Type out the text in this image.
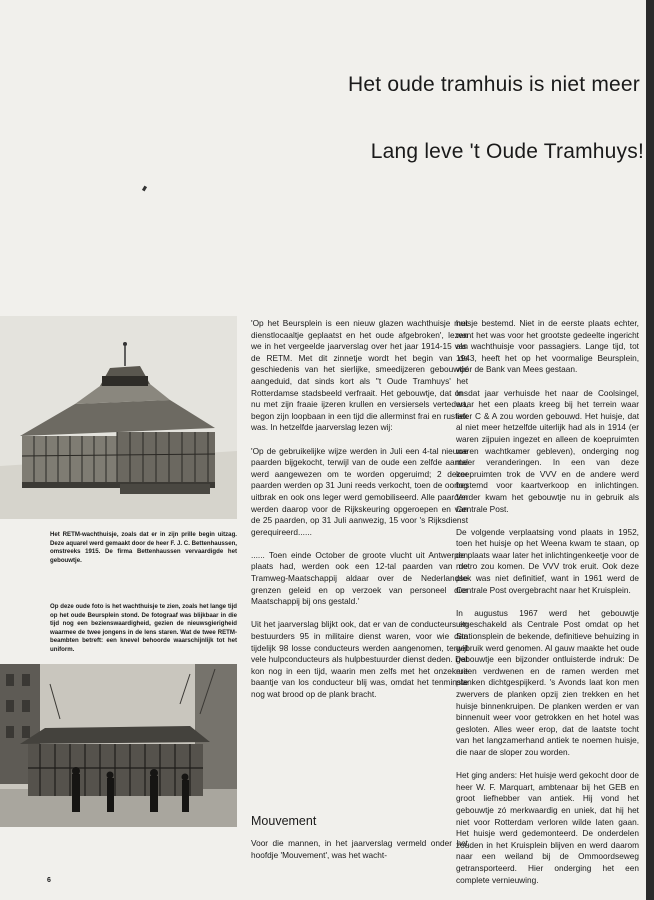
Het oude tramhuis is niet meer
Lang leve 't Oude Tramhuys!
Het RETM-wachthuisje, zoals dat er in zijn prille begin uitzag. Deze aquarel werd gemaakt door de heer F. J. C. Bettenhaussen, omstreeks 1915. De firma Bettenhaussen vervaardigde het gebouwtje.
Op deze oude foto is het wachthuisje te zien, zoals het lange tijd op het oude Beursplein stond. De fotograaf was blijkbaar in die tijd nog een bezienswaardigheid, gezien de nieuwsgierigheid waarmee de twee jongens in de lens staren. Wat de twee RETM-beambten betreft: een knevel behoorde waarschijnlijk tot het uniform.

'Op het Beursplein is een nieuw glazen wachthuisje met dienstlocaaltje geplaatst en het oude afgebroken', lezen we in het vergeelde jaarverslag over het jaar 1914-15 van de RETM. Met dit zinnetje wordt het begin van de geschiedenis van het sierlijke, smeedijzeren gebouwtje aangeduid, dat sinds kort als ''t Oude Tramhuys' het Rotterdamse stadsbeeld verfraait. Het gebouwtje, dat ons nu met zijn fraaie ijzeren krullen en versiersels vertedert, begon zijn loopbaan in een tijd die allerminst frai en rustiek was. In hetzelfde jaarverslag lezen wij:

'Op de gebruikelijke wijze werden in Juli een 4-tal nieuwe paarden bijgekocht, terwijl van de oude een zelfde aantal werd aangewezen om te worden opgeruimd; 2 dezer paarden werden op 31 Juni reeds verkocht, toen de oorlog uitbrak en ook ons leger werd gemobiliseerd. Alle paarden werden daarop voor de Rijkskeuring opgeroepen en van de 25 paarden, op 31 Juli aanwezig, 15 voor 's Rijksdienst gerequireerd......

...... Toen einde October de groote vlucht uit Antwerpen plaats had, werden ook een 12-tal paarden van de Tramweg-Maatschappij aldaar over de Nederlandse grenzen geleid en op verzoek van personeel dier Maatschappij bij ons gestald.'

Uit het jaarverslag blijkt ook, dat er van de conducteurs en bestuurders 95 in militaire dienst waren, voor wie dan tijdelijk 98 losse conducteurs werden aangenomen, terwijl vele hulpconducteurs als hulpbestuurder dienst deden. Dat kon nog in een tijd, waarin men zelfs met het onzekere baantje van los conducteur blij was, omdat het tenminste nog wat brood op de plank bracht.

Mouvement
Voor die mannen, in het jaarverslag vermeld onder het hoofdje 'Mouvement', was het wacht-

huisje bestemd. Niet in de eerste plaats echter, want het was voor het grootste gedeelte ingericht als wachthuisje voor passagiers. Lange tijd, tot 1943, heeft het op het voormalige Beursplein, vóór de Bank van Mees gestaan.

In dat jaar verhuisde het naar de Coolsingel, waar het een plaats kreeg bij het terrein waar later C & A zou worden gebouwd. Het huisje, dat al niet meer hetzelfde uiterlijk had als in 1914 (er waren zijpuien ingezet en alleen de koepruimten waren wachtkamer gebleven), onderging nog meer veranderingen. In een van deze koepruimten trok de VVV en de andere werd bestemd voor kaartverkoop en inlichtingen. Verder kwam het gebouwtje nu in gebruik als Centrale Post.

De volgende verplaatsing vond plaats in 1952, toen het huisje op het Weena kwam te staan, op de plaats waar later het inlichtingenkeetje voor de metro zou komen. De VVV trok eruit. Ook deze plek was niet definitief, want in 1961 werd de Centrale Post overgebracht naar het Kruisplein.

In augustus 1967 werd het gebouwtje uitgeschakeld als Centrale Post omdat op het Stationsplein de bekende, definitieve behuizing in gebruik werd genomen. Al gauw maakte het oude gebouwtje een bijzonder ontluisterde indruk: De ruiten verdwenen en de ramen werden met planken dichtgespijkerd. 's Avonds laat kon men zwervers de planken opzij zien trekken en het huisje binnenkruipen. De planken werden er van binnenuit weer voor getrokken en het hotel was gesloten. Alles weer erop, dat de laatste tocht van het langzamerhand antiek te noemen huisje, die naar de sloper zou worden.

Het ging anders: Het huisje werd gekocht door de heer W. F. Marquart, ambtenaar bij het GEB en groot liefhebber van antiek. Hij vond het gebouwtje zó merkwaardig en uniek, dat hij het niet voor Rotterdam verloren wilde laten gaan. Het huisje werd gedemonteerd. De onderdelen zouden in het Kruisplein blijven en werd daarom naar een weiland bij de Ommoordseweg getransporteerd. Hier onderging het een complete vernieuwing.

6
